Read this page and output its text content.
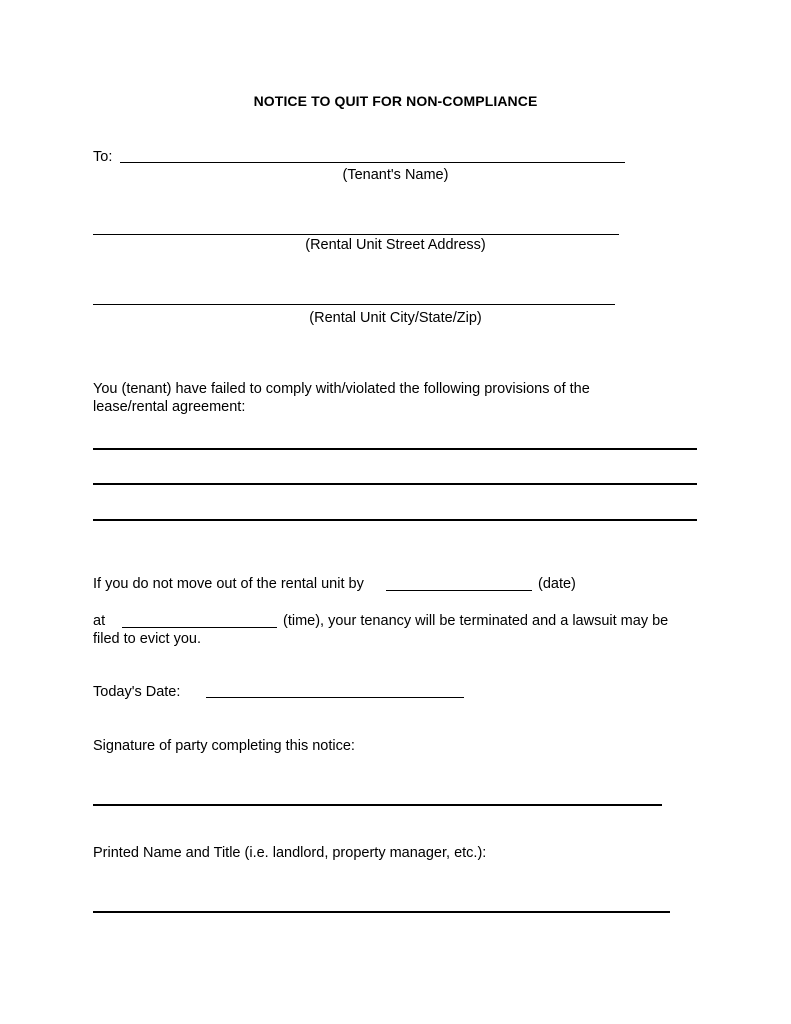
NOTICE TO QUIT FOR NON-COMPLIANCE
To:
(Tenant's Name)
(Rental Unit Street Address)
(Rental Unit City/State/Zip)
You (tenant) have failed to comply with/violated the following provisions of the
lease/rental agreement:
If you do not move out of the rental unit by	(date)
at	(time), your tenancy will be terminated and a lawsuit may be
filed to evict you.
Today's Date:
Signature of party completing this notice:
Printed Name and Title (i.e. landlord, property manager, etc.):
